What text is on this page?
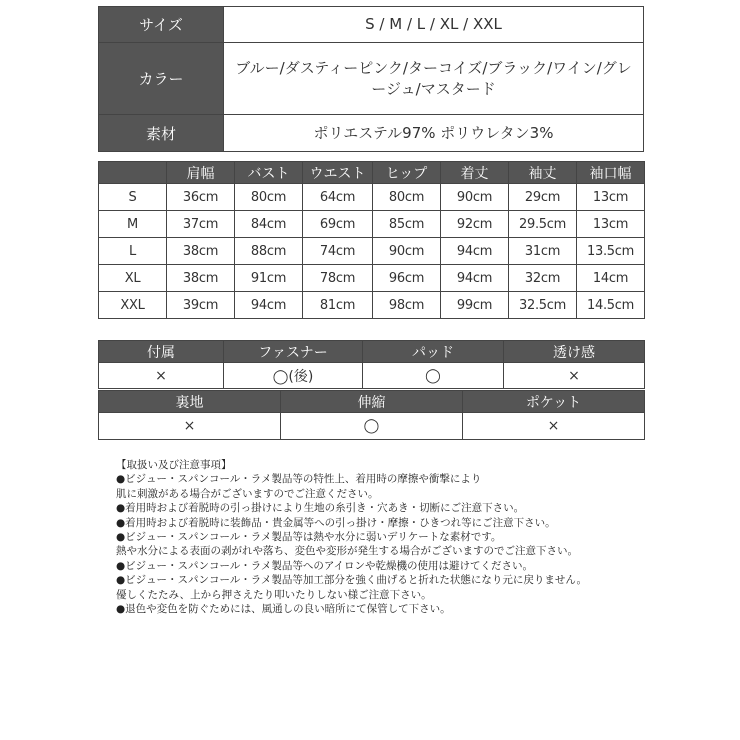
サイズ	S / M / L / XL / XXL
カラー	ブルー/ダスティーピンク/ターコイズ/ブラック/ワイン/グレージュ/マスタード
素材	ポリエステル97% ポリウレタン3%
	肩幅	バスト	ウエスト	ヒップ	着丈	袖丈	袖口幅
S	36cm	80cm	64cm	80cm	90cm	29cm	13cm
M	37cm	84cm	69cm	85cm	92cm	29.5cm	13cm
L	38cm	88cm	74cm	90cm	94cm	31cm	13.5cm
XL	38cm	91cm	78cm	96cm	94cm	32cm	14cm
XXL	39cm	94cm	81cm	98cm	99cm	32.5cm	14.5cm
付属	ファスナー	パッド	透け感
×	◯(後)	◯	×
裏地	伸縮	ポケット
×	◯	×
【取扱い及び注意事項】
●ビジュー・スパンコール・ラメ製品等の特性上、着用時の摩擦や衝撃により
肌に刺激がある場合がございますのでご注意ください。
●着用時および着脱時の引っ掛けにより生地の糸引き・穴あき・切断にご注意下さい。
●着用時および着脱時に装飾品・貴金属等への引っ掛け・摩擦・ひきつれ等にご注意下さい。
●ビジュー・スパンコール・ラメ製品等は熱や水分に弱いデリケートな素材です。
熱や水分による表面の剥がれや落ち、変色や変形が発生する場合がございますのでご注意下さい。
●ビジュー・スパンコール・ラメ製品等へのアイロンや乾燥機の使用は避けてください。
●ビジュー・スパンコール・ラメ製品等加工部分を強く曲げると折れた状態になり元に戻りません。
優しくたたみ、上から押さえたり叩いたりしない様ご注意下さい。
●退色や変色を防ぐためには、風通しの良い暗所にて保管して下さい。
